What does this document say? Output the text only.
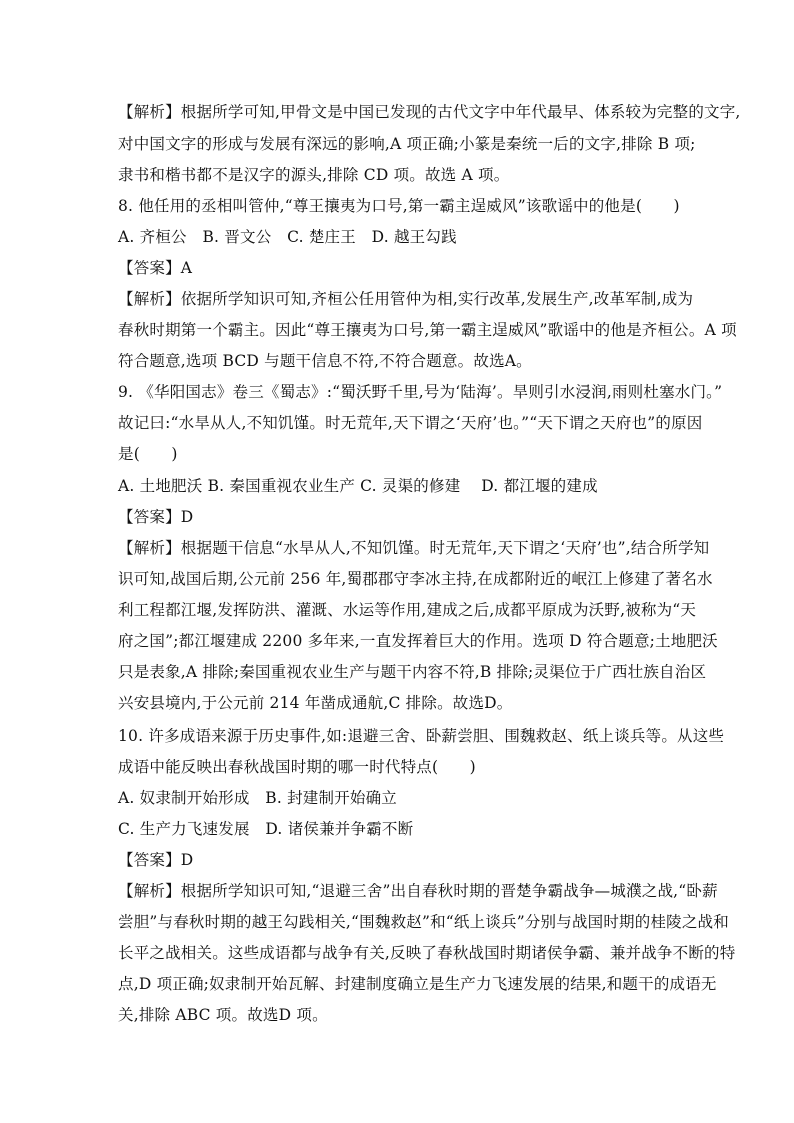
【解析】根据所学可知,甲骨文是中国已发现的古代文字中年代最早、体系较为完整的文字,
对中国文字的形成与发展有深远的影响,A 项正确;小篆是秦统一后的文字,排除 B 项;
隶书和楷书都不是汉字的源头,排除 CD 项。故选 A 项。
8. 他任用的丞相叫管仲,“尊王攘夷为口号,第一霸主逞威风”该歌谣中的他是(　　)
A. 齐桓公　B. 晋文公　C. 楚庄王　D. 越王勾践
【答案】A
【解析】依据所学知识可知,齐桓公任用管仲为相,实行改革,发展生产,改革军制,成为
春秋时期第一个霸主。因此“尊王攘夷为口号,第一霸主逞威风”歌谣中的他是齐桓公。A 项
符合题意,选项 BCD 与题干信息不符,不符合题意。故选A。
9. 《华阳国志》卷三《蜀志》:“蜀沃野千里,号为‘陆海’。旱则引水浸润,雨则杜塞水门。”
故记曰:“水旱从人,不知饥馑。时无荒年,天下谓之‘天府’也。”“天下谓之天府也”的原因
是(　　)
A. 土地肥沃 B. 秦国重视农业生产 C. 灵渠的修建　 D. 都江堰的建成
【答案】D
【解析】根据题干信息“水旱从人,不知饥馑。时无荒年,天下谓之‘天府’也”,结合所学知
识可知,战国后期,公元前 256 年,蜀郡郡守李冰主持,在成都附近的岷江上修建了著名水
利工程都江堰,发挥防洪、灌溉、水运等作用,建成之后,成都平原成为沃野,被称为“天
府之国”;都江堰建成 2200 多年来,一直发挥着巨大的作用。选项 D 符合题意;土地肥沃
只是表象,A 排除;秦国重视农业生产与题干内容不符,B 排除;灵渠位于广西壮族自治区
兴安县境内,于公元前 214 年凿成通航,C 排除。故选D。
10. 许多成语来源于历史事件,如:退避三舍、卧薪尝胆、围魏救赵、纸上谈兵等。从这些
成语中能反映出春秋战国时期的哪一时代特点(　　)
A. 奴隶制开始形成　B. 封建制开始确立
C. 生产力飞速发展　D. 诸侯兼并争霸不断
【答案】D
【解析】根据所学知识可知,“退避三舍”出自春秋时期的晋楚争霸战争—城濮之战,“卧薪
尝胆”与春秋时期的越王勾践相关,“围魏救赵”和“纸上谈兵”分别与战国时期的桂陵之战和
长平之战相关。这些成语都与战争有关,反映了春秋战国时期诸侯争霸、兼并战争不断的特
点,D 项正确;奴隶制开始瓦解、封建制度确立是生产力飞速发展的结果,和题干的成语无
关,排除 ABC 项。故选D 项。
